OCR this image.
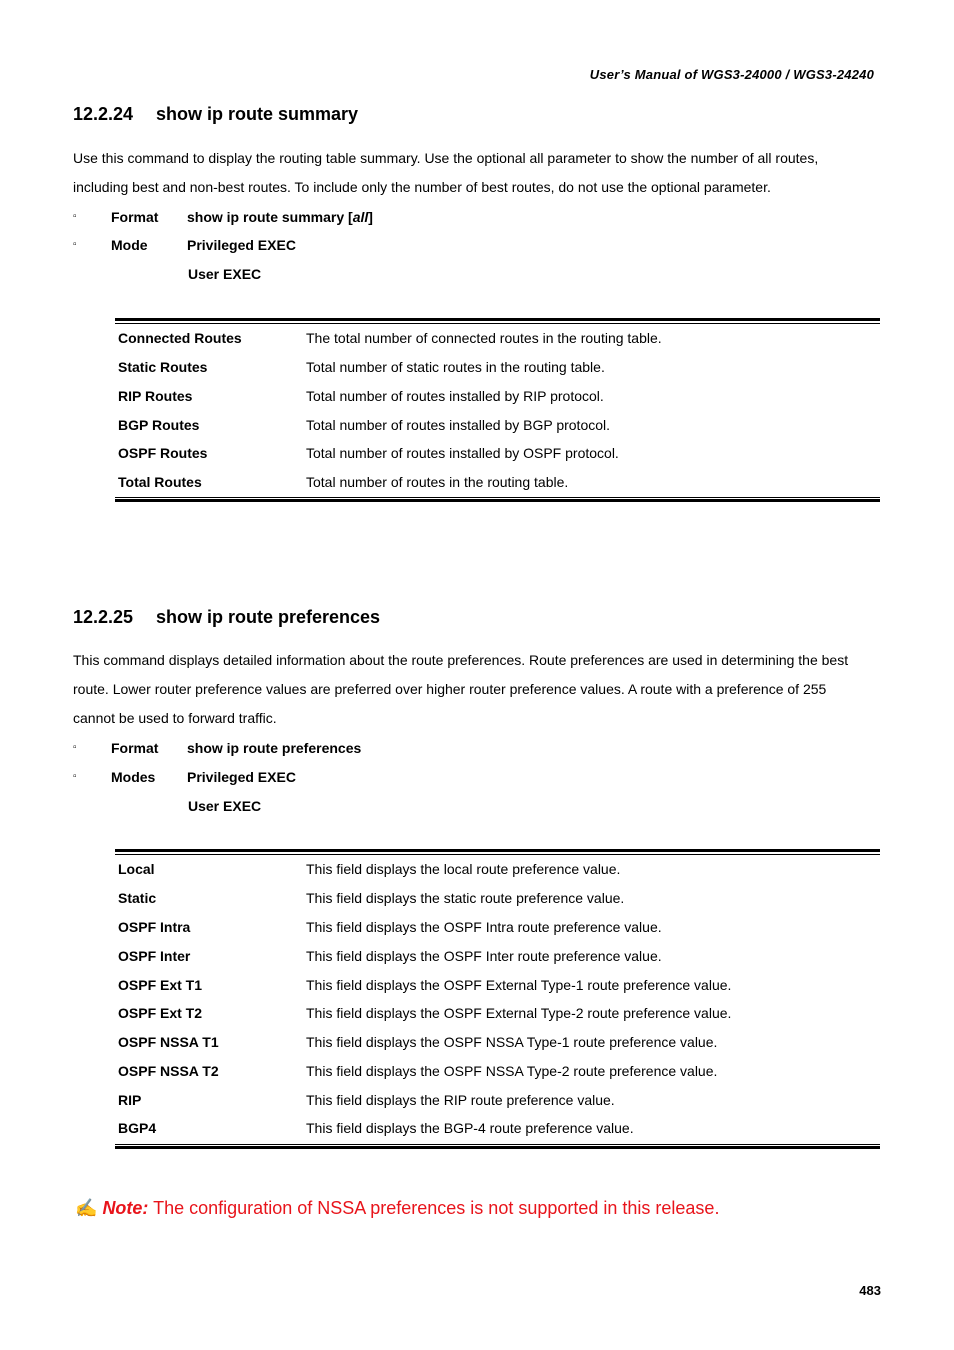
User’s Manual of WGS3-24000 / WGS3-24240
12.2.24 show ip route summary
Use this command to display the routing table summary. Use the optional all parameter to show the number of all routes,
including best and non-best routes. To include only the number of best routes, do not use the optional parameter.
▫ Format show ip route summary [all]
▫ Mode	Privileged EXEC
User EXEC
Connected Routes	The total number of connected routes in the routing table.
Static Routes	Total number of static routes in the routing table.
RIP Routes	Total number of routes installed by RIP protocol.
BGP Routes	Total number of routes installed by BGP protocol.
OSPF Routes	Total number of routes installed by OSPF protocol.
Total Routes	Total number of routes in the routing table.
12.2.25 show ip route preferences
This command displays detailed information about the route preferences. Route preferences are used in determining the best
route. Lower router preference values are preferred over higher router preference values. A route with a preference of 255
cannot be used to forward traffic.
▫ Format show ip route preferences
▫ Modes Privileged EXEC
User EXEC
Local	This field displays the local route preference value.
Static	This field displays the static route preference value.
OSPF Intra	This field displays the OSPF Intra route preference value.
OSPF Inter	This field displays the OSPF Inter route preference value.
OSPF Ext T1	This field displays the OSPF External Type-1 route preference value.
OSPF Ext T2	This field displays the OSPF External Type-2 route preference value.
OSPF NSSA T1	This field displays the OSPF NSSA Type-1 route preference value.
OSPF NSSA T2	This field displays the OSPF NSSA Type-2 route preference value.
RIP	This field displays the RIP route preference value.
BGP4	This field displays the BGP-4 route preference value.
✍ Note: The configuration of NSSA preferences is not supported in this release.
483
